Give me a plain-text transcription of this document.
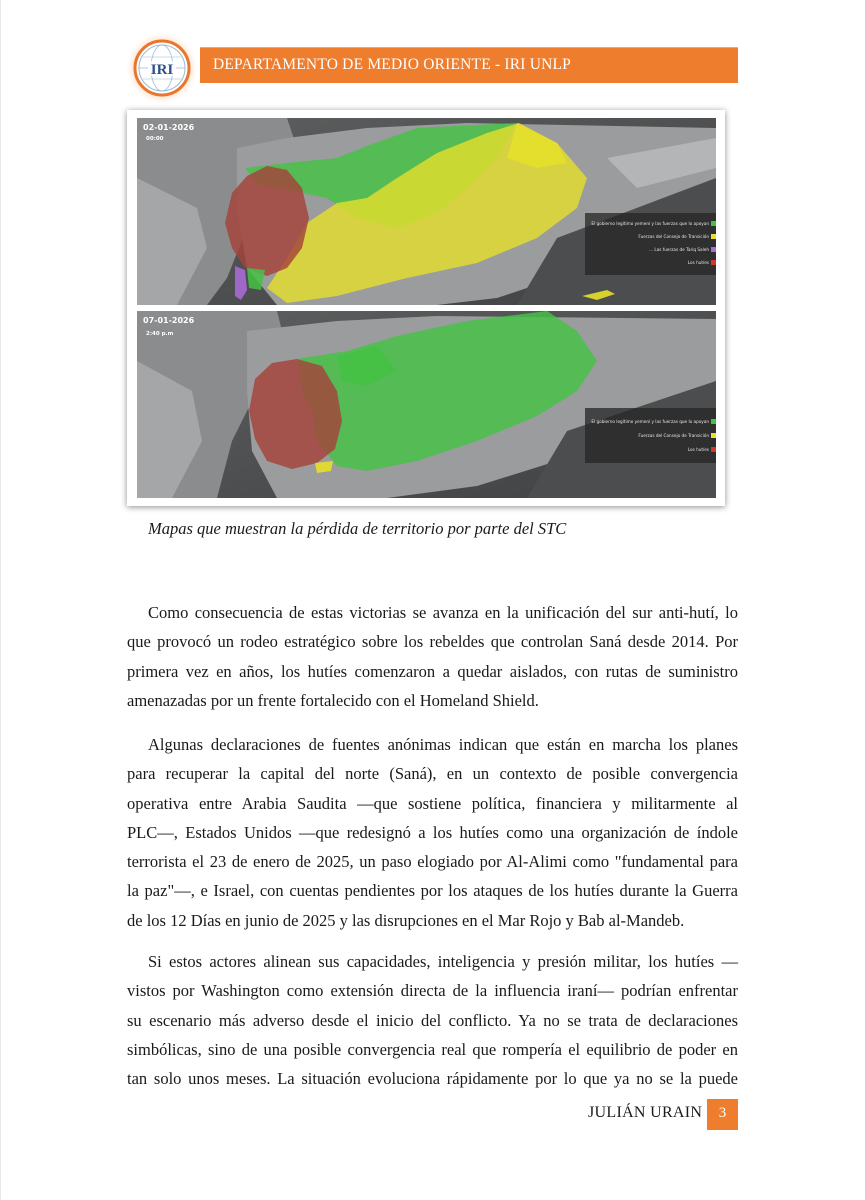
IRI	DEPARTAMENTO DE MEDIO ORIENTE - IRI UNLP
02-01-2026
00:00
El gobierno legítimo yemení y las fuerzas que lo apoyan
Fuerzas del Consejo de Transición
... Las fuerzas de Tariq Saleh
Los hutíes
07-01-2026
2:40 p.m
El gobierno legítimo yemení y las fuerzas que lo apoyan
Fuerzas del Consejo de Transición
Los hutíes
Mapas que muestran la pérdida de territorio por parte del STC

Como consecuencia de estas victorias se avanza en la unificación del sur anti-hutí, lo
que provocó un rodeo estratégico sobre los rebeldes que controlan Saná desde 2014. Por
primera vez en años, los hutíes comenzaron a quedar aislados, con rutas de suministro
amenazadas por un frente fortalecido con el Homeland Shield.

Algunas declaraciones de fuentes anónimas indican que están en marcha los planes
para recuperar la capital del norte (Saná), en un contexto de posible convergencia
operativa entre Arabia Saudita —que sostiene política, financiera y militarmente al
PLC—, Estados Unidos —que redesignó a los hutíes como una organización de índole
terrorista el 23 de enero de 2025, un paso elogiado por Al-Alimi como "fundamental para
la paz"—, e Israel, con cuentas pendientes por los ataques de los hutíes durante la Guerra
de los 12 Días en junio de 2025 y las disrupciones en el Mar Rojo y Bab al-Mandeb.

Si estos actores alinean sus capacidades, inteligencia y presión militar, los hutíes —
vistos por Washington como extensión directa de la influencia iraní— podrían enfrentar
su escenario más adverso desde el inicio del conflicto. Ya no se trata de declaraciones
simbólicas, sino de una posible convergencia real que rompería el equilibrio de poder en
tan solo unos meses. La situación evoluciona rápidamente por lo que ya no se la puede

JULIÁN URAIN	3
